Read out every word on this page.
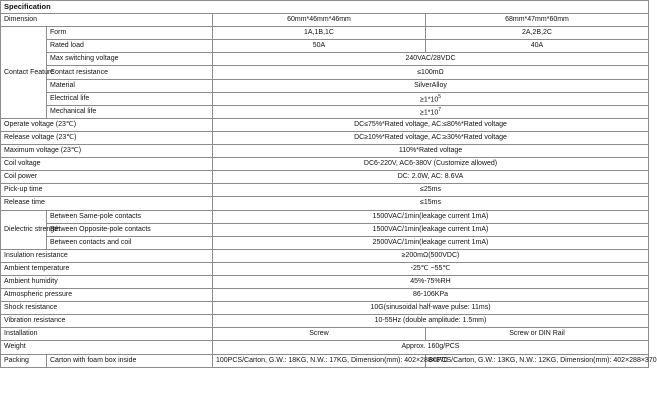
Specification			
Dimension		60mm*46mm*46mm	68mm*47mm*60mm
Contact Feature	Form	1A,1B,1C	2A,2B,2C
	Rated load	50A	40A
	Max switching voltage	240VAC/28VDC	
	Contact resistance	≤100mΩ	
	Material	SilverAlloy	
	Electrical life	$\ge 1*10^5$
	Mechanical life	$\ge 1*10^7$
Operate voltage (23℃)		DC≤75%*Rated voltage, AC:≤80%*Rated voltage	
Release voltage (23℃)		DC≥10%*Rated voltage, AC:≥30%*Rated voltage	
Maximum voltage (23℃)		110%*Rated voltage	
Coil voltage		DC6-220V, AC6-380V (Customize allowed)	
Coil power		DC: 2.0W, AC: 8.6VA	
Pick-up time		≤25ms	
Release time		≤15ms	
Dielectric strength	Between Same-pole contacts	1500VAC/1min(leakage current 1mA)	
	Between Opposite-pole contacts	1500VAC/1min(leakage current 1mA)	
	Between contacts and coil	2500VAC/1min(leakage current 1mA)	
Insulation resistance		≥200mΩ(500VDC)	
Ambient temperature		-25℃ ~55℃	
Ambient humidity		45%-75%RH	
Atmospheric pressure		86-106KPa	
Shock resistance		10G(sinusoidal half-wave pulse: 11ms)	
Vibration resistance		10-55Hz (double amplitude: 1.5mm)	
Installation		Screw	Screw or DIN Rail
Weight		Approx. 160g/PCS	
Packing	Carton with foam box inside	100PCS/Carton, G.W.: 18KG, N.W.: 17KG, Dimension(mm): 402×288×370	80PCS/Carton, G.W.: 13KG, N.W.: 12KG, Dimension(mm): 402×288×370
